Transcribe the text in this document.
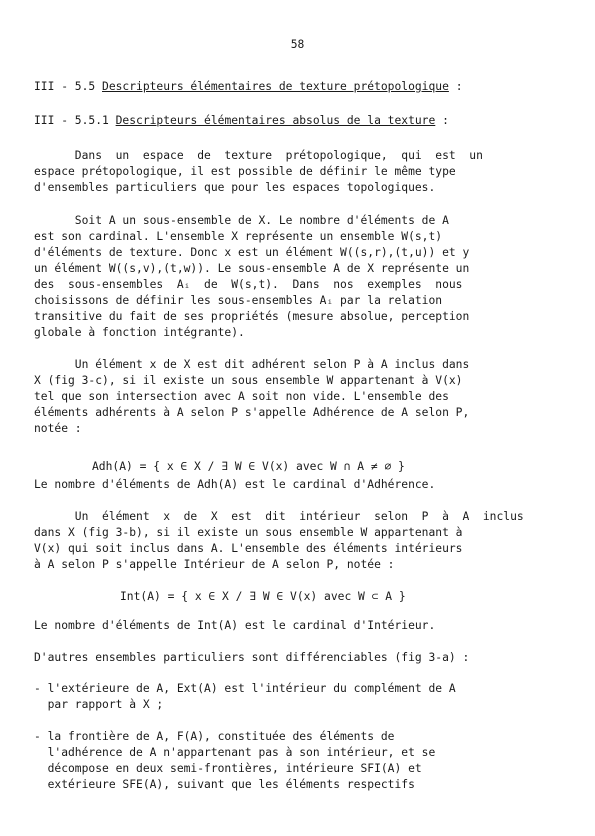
58
III - 5.5 Descripteurs élémentaires de texture prétopologique :
III - 5.5.1 Descripteurs élémentaires absolus de la texture :
Dans  un  espace  de  texture  prétopologique,  qui  est  un
espace prétopologique, il est possible de définir le même type
d'ensembles particuliers que pour les espaces topologiques.
Soit A un sous-ensemble de X. Le nombre d'éléments de A
est son cardinal. L'ensemble X représente un ensemble W(s,t)
d'éléments de texture. Donc x est un élément W((s,r),(t,u)) et y
un élément W((s,v),(t,w)). Le sous-ensemble A de X représente un
des  sous-ensembles  Aᵢ  de  W(s,t).  Dans  nos  exemples  nous
choisissons de définir les sous-ensembles Aᵢ par la relation
transitive du fait de ses propriétés (mesure absolue, perception
globale à fonction intégrante).
Un élément x de X est dit adhérent selon P à A inclus dans
X (fig 3-c), si il existe un sous ensemble W appartenant à V(x)
tel que son intersection avec A soit non vide. L'ensemble des
éléments adhérents à A selon P s'appelle Adhérence de A selon P,
notée :
Adh(A) = { x ∈ X / ∃ W ∈ V(x) avec W ∩ A ≠ ∅ }
Le nombre d'éléments de Adh(A) est le cardinal d'Adhérence.
Un  élément  x  de  X  est  dit  intérieur  selon  P  à  A  inclus
dans X (fig 3-b), si il existe un sous ensemble W appartenant à
V(x) qui soit inclus dans A. L'ensemble des éléments intérieurs
à A selon P s'appelle Intérieur de A selon P, notée :
Int(A) = { x ∈ X / ∃ W ∈ V(x) avec W ⊂ A }
Le nombre d'éléments de Int(A) est le cardinal d'Intérieur.
D'autres ensembles particuliers sont différenciables (fig 3-a) :
- l'extérieure de A, Ext(A) est l'intérieur du complément de A
par rapport à X ;
- la frontière de A, F(A), constituée des éléments de
l'adhérence de A n'appartenant pas à son intérieur, et se
décompose en deux semi-frontières, intérieure SFI(A) et
extérieure SFE(A), suivant que les éléments respectifs
